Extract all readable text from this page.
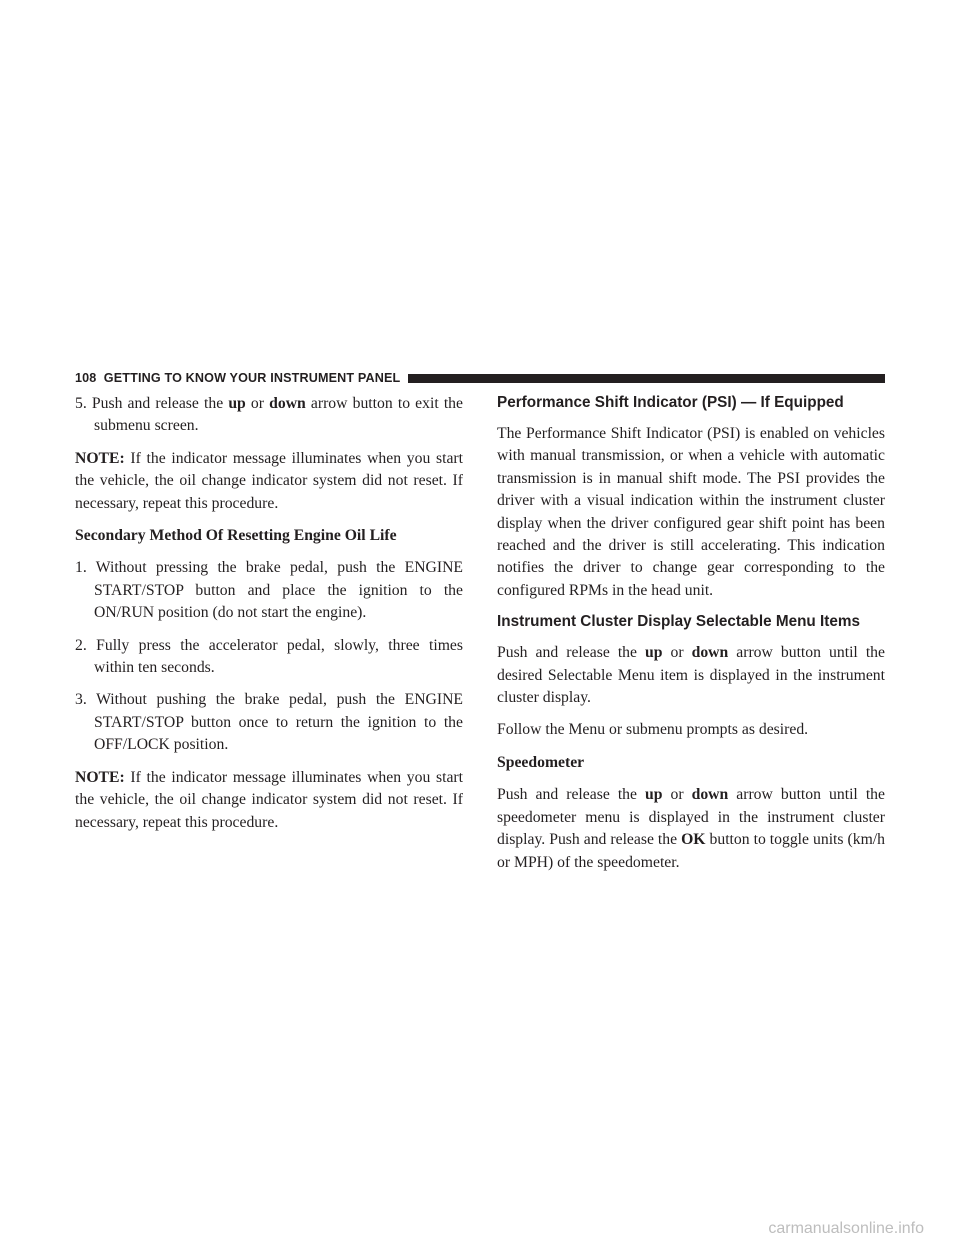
108 GETTING TO KNOW YOUR INSTRUMENT PANEL

5. Push and release the up or down arrow button to exit the submenu screen.

NOTE: If the indicator message illuminates when you start the vehicle, the oil change indicator system did not reset. If necessary, repeat this procedure.

Secondary Method Of Resetting Engine Oil Life

1. Without pressing the brake pedal, push the ENGINE START/STOP button and place the ignition to the ON/RUN position (do not start the engine).

2. Fully press the accelerator pedal, slowly, three times within ten seconds.

3. Without pushing the brake pedal, push the ENGINE START/STOP button once to return the ignition to the OFF/LOCK position.

NOTE: If the indicator message illuminates when you start the vehicle, the oil change indicator system did not reset. If necessary, repeat this procedure.

Performance Shift Indicator (PSI) — If Equipped

The Performance Shift Indicator (PSI) is enabled on vehicles with manual transmission, or when a vehicle with automatic transmission is in manual shift mode. The PSI provides the driver with a visual indication within the instrument cluster display when the driver configured gear shift point has been reached and the driver is still accelerating. This indication notifies the driver to change gear corresponding to the configured RPMs in the head unit.

Instrument Cluster Display Selectable Menu Items

Push and release the up or down arrow button until the desired Selectable Menu item is displayed in the instrument cluster display.

Follow the Menu or submenu prompts as desired.

Speedometer

Push and release the up or down arrow button until the speedometer menu is displayed in the instrument cluster display. Push and release the OK button to toggle units (km/h or MPH) of the speedometer.

carmanualsonline.info
